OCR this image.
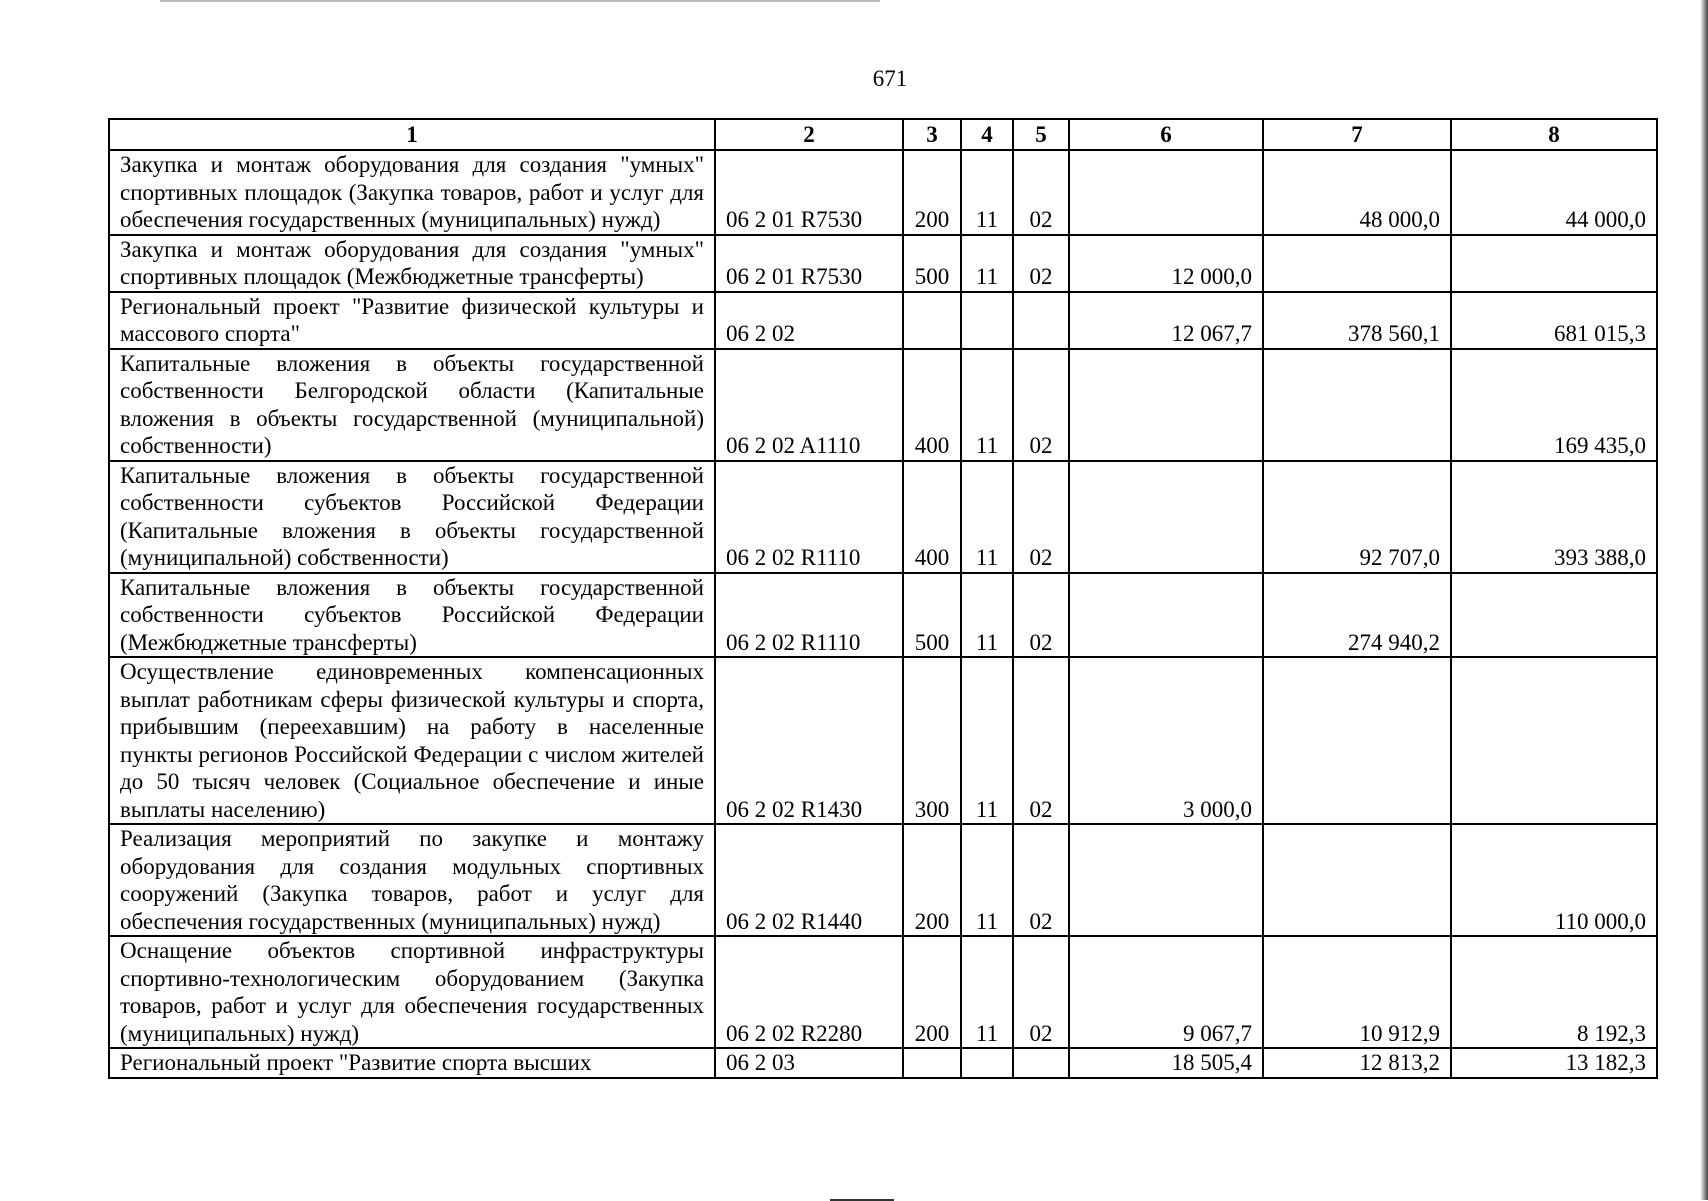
671
1	2	3	4	5	6	7	8
Закупка и монтаж оборудования для создания "умных" спортивных площадок (Закупка товаров, работ и услуг для обеспечения государственных (муниципальных) нужд)	06 2 01 R7530	200	11	02		48 000,0	44 000,0
Закупка и монтаж оборудования для создания "умных" спортивных площадок (Межбюджетные трансферты)	06 2 01 R7530	500	11	02	12 000,0		
Региональный проект "Развитие физической культуры и массового спорта"	06 2 02				12 067,7	378 560,1	681 015,3
Капитальные вложения в объекты государственной собственности Белгородской области (Капитальные вложения в объекты государственной (муниципальной) собственности)	06 2 02 A1110	400	11	02			169 435,0
Капитальные вложения в объекты государственной собственности субъектов Российской Федерации (Капитальные вложения в объекты государственной (муниципальной) собственности)	06 2 02 R1110	400	11	02		92 707,0	393 388,0
Капитальные вложения в объекты государственной собственности субъектов Российской Федерации (Межбюджетные трансферты)	06 2 02 R1110	500	11	02		274 940,2	
Осуществление единовременных компенсационных выплат работникам сферы физической культуры и спорта, прибывшим (переехавшим) на работу в населенные пункты регионов Российской Федерации с числом жителей до 50 тысяч человек (Социальное обеспечение и иные выплаты населению)	06 2 02 R1430	300	11	02	3 000,0		
Реализация мероприятий по закупке и монтажу оборудования для создания модульных спортивных сооружений (Закупка товаров, работ и услуг для обеспечения государственных (муниципальных) нужд)	06 2 02 R1440	200	11	02			110 000,0
Оснащение объектов спортивной инфраструктуры спортивно-технологическим оборудованием (Закупка товаров, работ и услуг для обеспечения государственных (муниципальных) нужд)	06 2 02 R2280	200	11	02	9 067,7	10 912,9	8 192,3
Региональный проект "Развитие спорта высших	06 2 03				18 505,4	12 813,2	13 182,3
